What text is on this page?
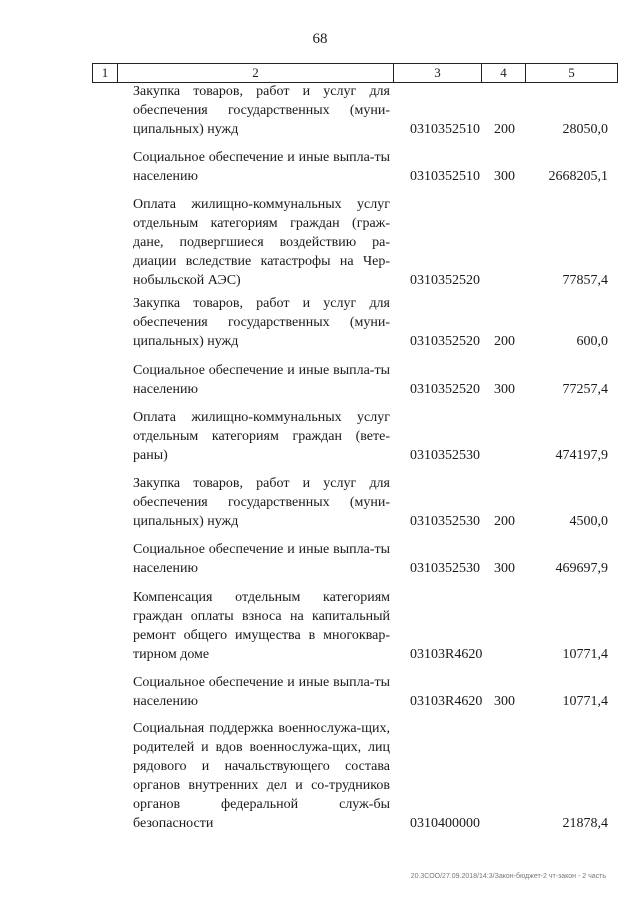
68
1	2	3	4	5
Закупка товаров, работ и услуг для обеспечения государственных (муни-ципальных) нужд	0310352510 200	28050,0
Социальное обеспечение и иные выпла-ты населению	0310352510 300 2668205,1
Оплата жилищно-коммунальных услуг отдельным категориям граждан (граж-дане, подвергшиеся воздействию ра-диации вследствие катастрофы на Чер-нобыльской АЭС)	0310352520	77857,4
Закупка товаров, работ и услуг для обеспечения государственных (муни-ципальных) нужд	0310352520 200	600,0
Социальное обеспечение и иные выпла-ты населению	0310352520 300	77257,4
Оплата жилищно-коммунальных услуг отдельным категориям граждан (вете-раны)	0310352530	474197,9
Закупка товаров, работ и услуг для обеспечения государственных (муни-ципальных) нужд	0310352530 200	4500,0
Социальное обеспечение и иные выпла-ты населению	0310352530 300	469697,9
Компенсация отдельным категориям граждан оплаты взноса на капитальный ремонт общего имущества в многоквар-тирном доме	03103R4620	10771,4
Социальное обеспечение и иные выпла-ты населению	03103R4620 300	10771,4
Социальная поддержка военнослужа-щих, родителей и вдов военнослужа-щих, лиц рядового и начальствующего состава органов внутренних дел и со-трудников органов федеральной служ-бы безопасности	0310400000	21878,4
20.3СОО/27.09.2018/14:3/Закон-бюджет-2 чт-закон - 2 часть
